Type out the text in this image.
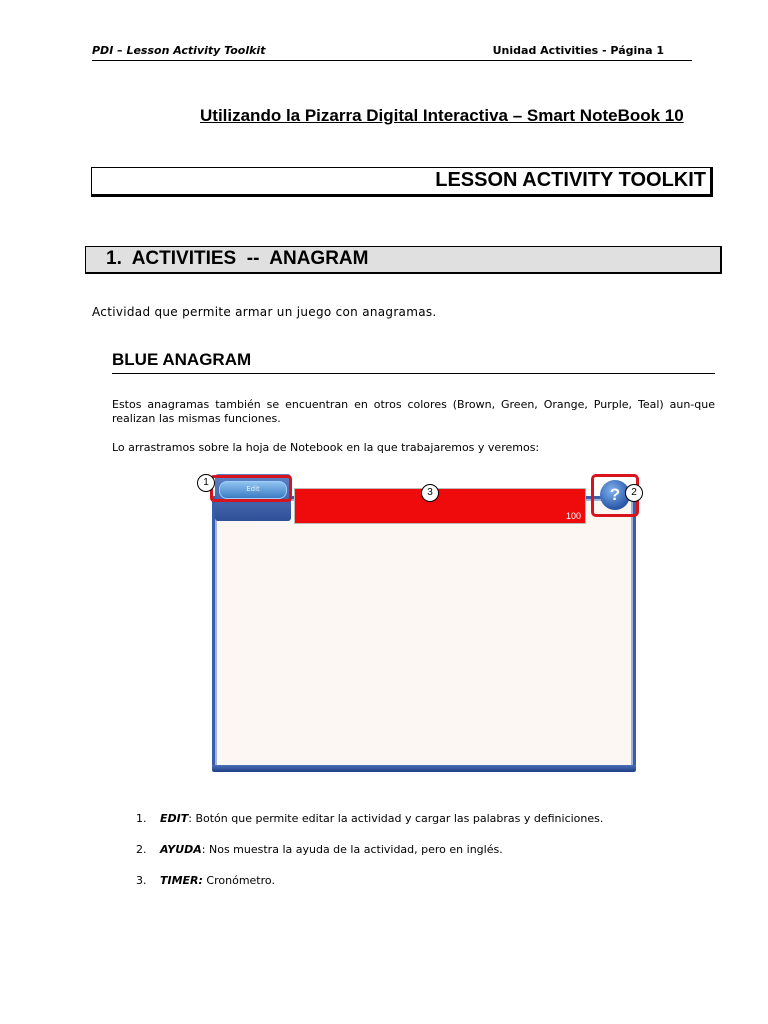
PDI – Lesson Activity Toolkit	Unidad Activities - Página 1
Utilizando la Pizarra Digital Interactiva – Smart NoteBook 10
LESSON ACTIVITY TOOLKIT
1.  ACTIVITIES  --  ANAGRAM
Actividad que permite armar un juego con anagramas.
BLUE ANAGRAM
Estos anagramas también se encuentran en otros colores (Brown, Green, Orange, Purple, Teal) aun-que realizan las mismas funciones.
Lo arrastramos sobre la hoja de Notebook en la que trabajaremos y veremos:
Edit
100
?
1
2
3
1. EDIT: Botón que permite editar la actividad y cargar las palabras y definiciones.
2. AYUDA: Nos muestra la ayuda de la actividad, pero en inglés.
3. TIMER: Cronómetro.
